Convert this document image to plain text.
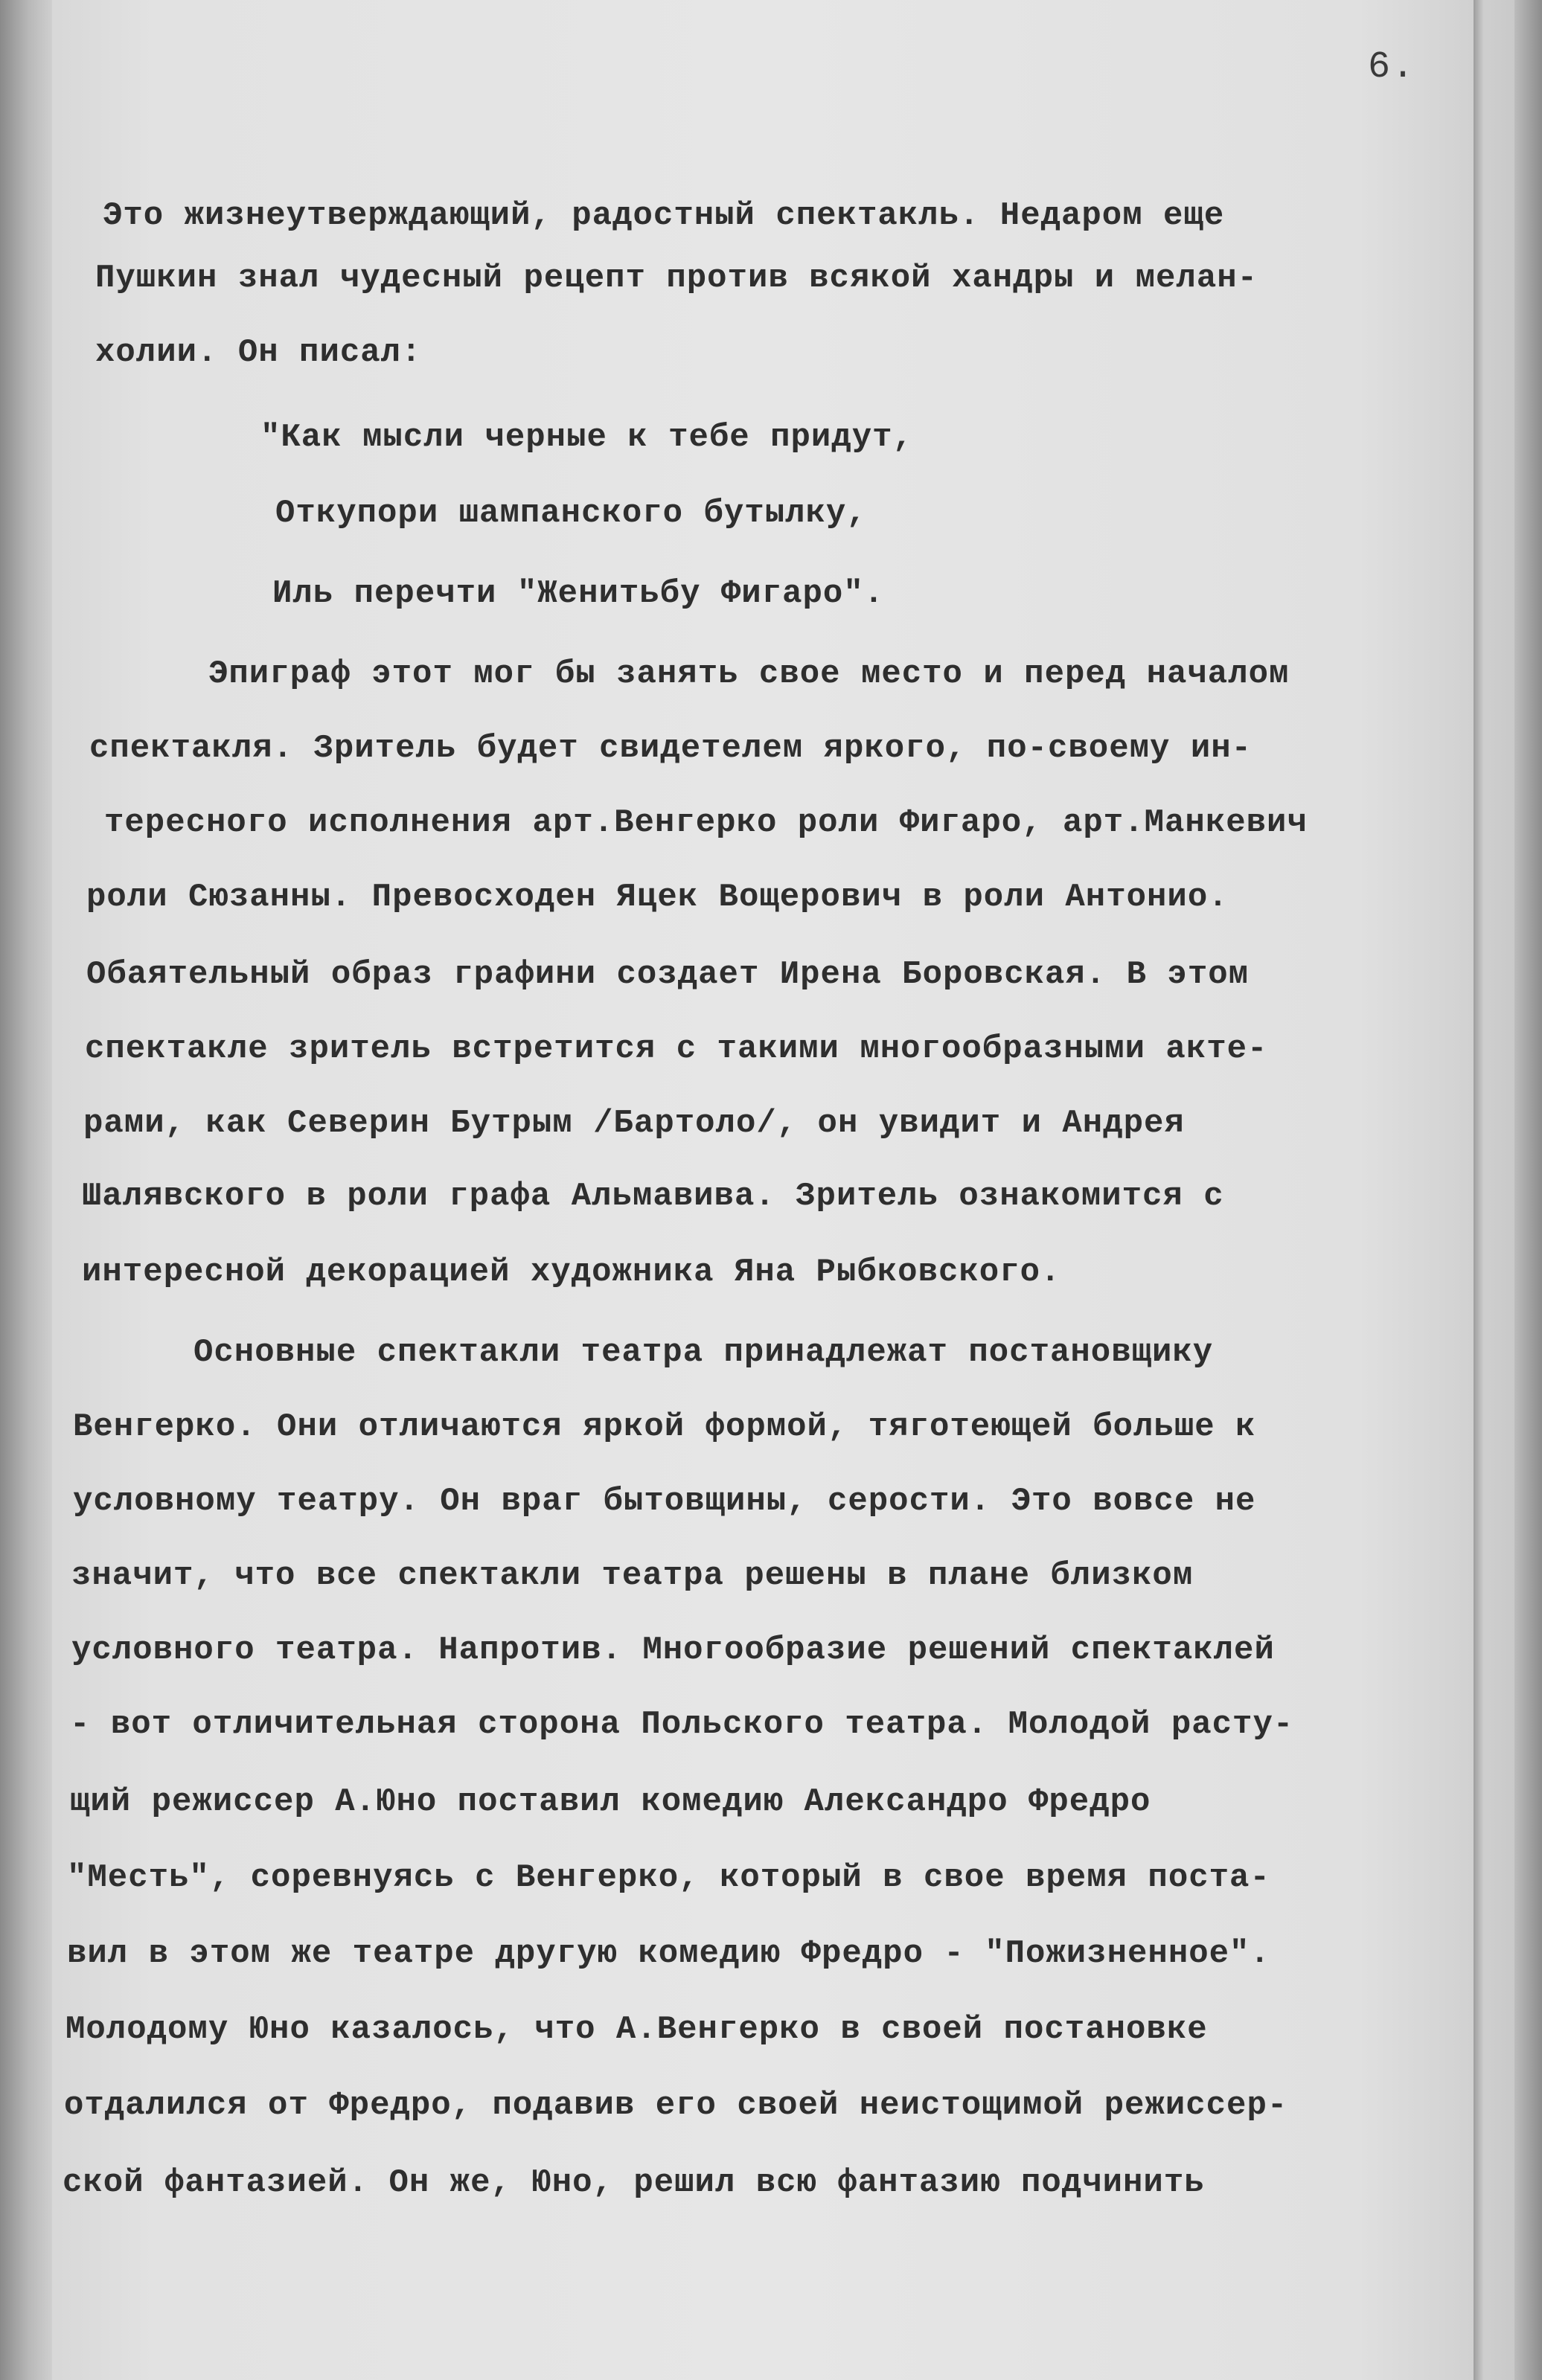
6.
Это жизнеутверждающий, радостный спектакль. Недаром еще
Пушкин знал чудесный рецепт против всякой хандры и мелан-
холии. Он писал:
"Как мысли черные к тебе придут,
Откупори шампанского бутылку,
Иль перечти "Женитьбу Фигаро".
Эпиграф этот мог бы занять свое место и перед началом
спектакля. Зритель будет свидетелем яркого, по-своему ин-
тересного исполнения арт.Венгерко роли Фигаро, арт.Манкевич
роли Сюзанны. Превосходен Яцек Вощерович в роли Антонио.
Обаятельный образ графини создает Ирена Боровская. В этом
спектакле зритель встретится с такими многообразными акте-
рами, как Северин Бутрым /Бартоло/, он увидит и Андрея
Шалявского в роли графа Альмавива. Зритель ознакомится с
интересной декорацией художника Яна Рыбковского.
Основные спектакли театра принадлежат постановщику
Венгерко. Они отличаются яркой формой, тяготеющей больше к
условному театру. Он враг бытовщины, серости. Это вовсе не
значит, что все спектакли театра решены в плане близком
условного театра. Напротив. Многообразие решений спектаклей
- вот отличительная сторона Польского театра. Молодой расту-
щий режиссер А.Юно поставил комедию Александро Фредро
"Месть", соревнуясь с Венгерко, который в свое время поста-
вил в этом же театре другую комедию Фредро - "Пожизненное".
Молодому Юно казалось, что А.Венгерко в своей постановке
отдалился от Фредро, подавив его своей неистощимой режиссер-
ской фантазией. Он же, Юно, решил всю фантазию подчинить
